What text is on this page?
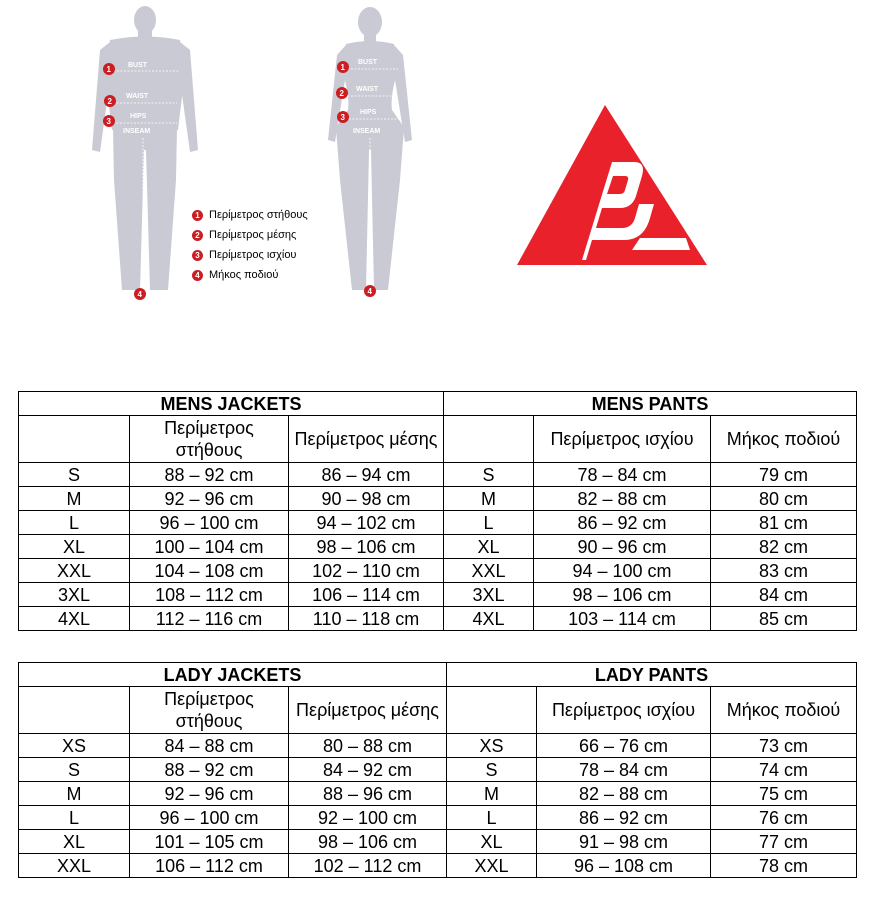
BUST
WAIST
HIPS
INSEAM
1
2
3
4
BUST
WAIST
HIPS
INSEAM
1
2
3
4
1 Περίμετρος στήθους
2 Περίμετρος μέσης
3 Περίμετρος ισχίου
4 Μήκος ποδιού
MENS JACKETS			MENS PANTS		
	Περίμετρος στήθους	Περίμετρος μέσης		Περίμετρος ισχίου	Μήκος ποδιού
S	88 – 92 cm	86 – 94 cm	S	78 – 84 cm	79 cm
M	92 – 96 cm	90 – 98 cm	M	82 – 88 cm	80 cm
L	96 – 100 cm	94 – 102 cm	L	86 – 92 cm	81 cm
XL	100 – 104 cm	98 – 106 cm	XL	90 – 96 cm	82 cm
XXL	104 – 108 cm	102 – 110 cm	XXL	94 – 100 cm	83 cm
3XL	108 – 112 cm	106 – 114 cm	3XL	98 – 106 cm	84 cm
4XL	112 – 116 cm	110 – 118 cm	4XL	103 – 114 cm	85 cm
LADY JACKETS			LADY PANTS		
	Περίμετρος στήθους	Περίμετρος μέσης		Περίμετρος ισχίου	Μήκος ποδιού
XS	84 – 88 cm	80 – 88 cm	XS	66 – 76 cm	73 cm
S	88 – 92 cm	84 – 92 cm	S	78 – 84 cm	74 cm
M	92 – 96 cm	88 – 96 cm	M	82 – 88 cm	75 cm
L	96 – 100 cm	92 – 100 cm	L	86 – 92 cm	76 cm
XL	101 – 105 cm	98 – 106 cm	XL	91 – 98 cm	77 cm
XXL	106 – 112 cm	102 – 112 cm	XXL	96 – 108 cm	78 cm
